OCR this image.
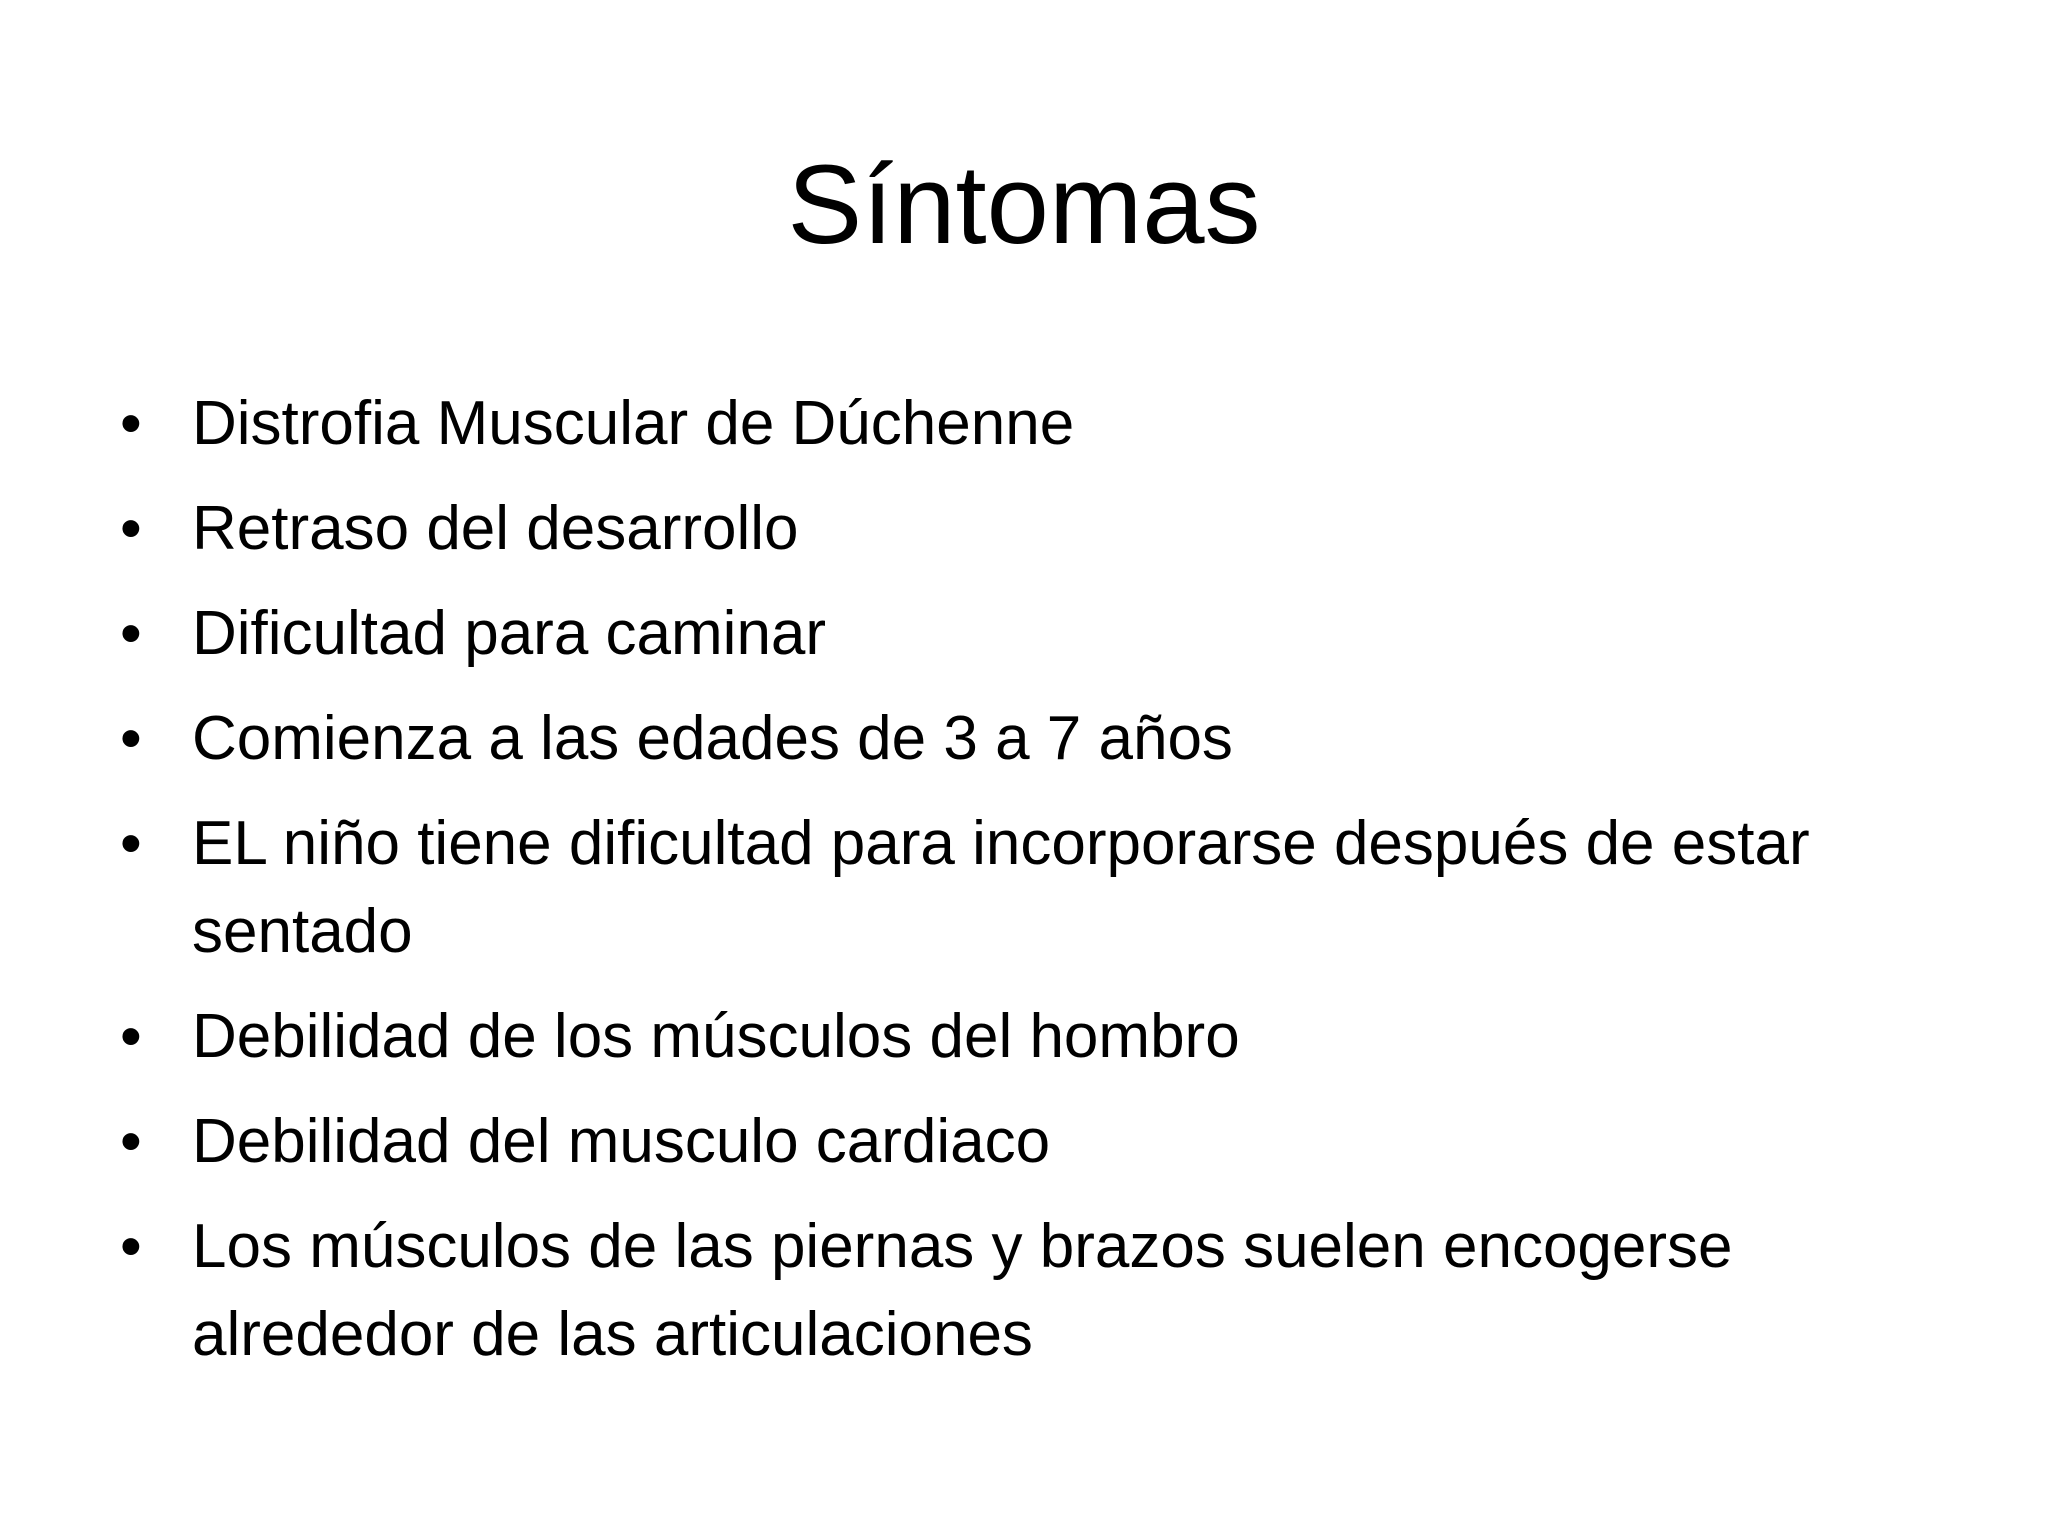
Síntomas
• Distrofia Muscular de Dúchenne
• Retraso del desarrollo
• Dificultad para caminar
• Comienza a las edades de 3 a 7 años
• EL niño tiene dificultad para incorporarse después de estar sentado
• Debilidad de los músculos del hombro
• Debilidad del musculo cardiaco
• Los músculos de las piernas y brazos suelen encogerse alrededor de las articulaciones
